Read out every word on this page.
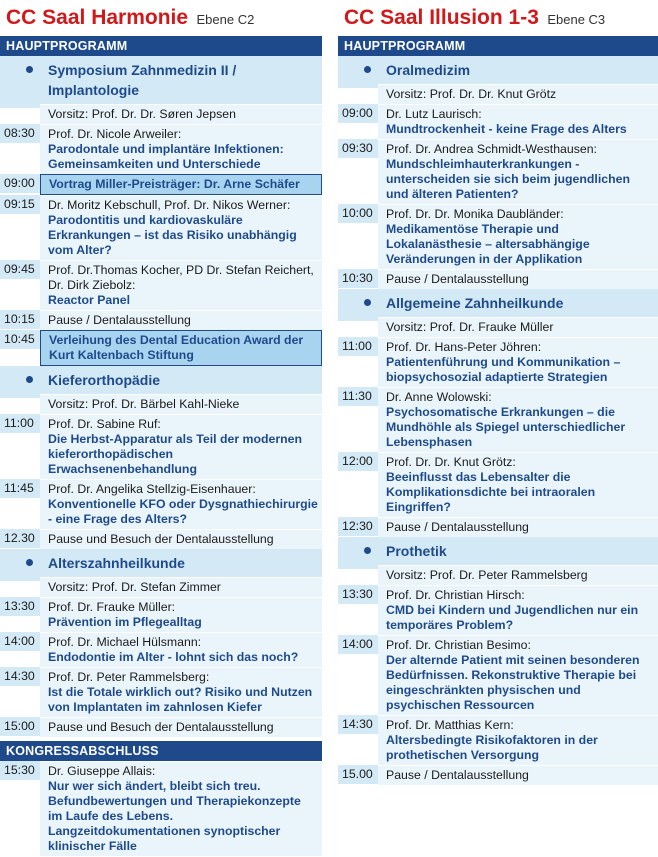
CC Saal Harmonie Ebene C2
HAUPTPROGRAMM
Symposium Zahnmedizin II / Implantologie
Vorsitz: Prof. Dr. Dr. Søren Jepsen
08:30	Prof. Dr. Nicole Arweiler:
Parodontale und implantäre Infektionen: Gemeinsamkeiten und Unterschiede
09:00	Vortrag Miller-Preisträger: Dr. Arne Schäfer
09:15	Dr. Moritz Kebschull, Prof. Dr. Nikos Werner:
Parodontitis und kardiovaskuläre Erkrankungen – ist das Risiko unabhängig vom Alter?
09:45	Prof. Dr.Thomas Kocher, PD Dr. Stefan Reichert, Dr. Dirk Ziebolz:
Reactor Panel
10:15	Pause / Dentalausstellung
10:45	Verleihung des Dental Education Award der Kurt Kaltenbach Stiftung
Kieferorthopädie
Vorsitz: Prof. Dr. Bärbel Kahl-Nieke
11:00	Prof. Dr. Sabine Ruf:
Die Herbst-Apparatur als Teil der modernen kieferorthopädischen Erwachsenenbehandlung
11:45	Prof. Dr. Angelika Stellzig-Eisenhauer:
Konventionelle KFO oder Dysgnathiechirurgie - eine Frage des Alters?
12.30	Pause und Besuch der Dentalausstellung
Alterszahnheilkunde
Vorsitz: Prof. Dr. Stefan Zimmer
13:30	Prof. Dr. Frauke Müller:
Prävention im Pflegealltag
14:00	Prof. Dr. Michael Hülsmann:
Endodontie im Alter - lohnt sich das noch?
14:30	Prof. Dr. Peter Rammelsberg:
Ist die Totale wirklich out? Risiko und Nutzen von Implantaten im zahnlosen Kiefer
15:00	Pause und Besuch der Dentalausstellung
KONGRESSABSCHLUSS
15:30	Dr. Giuseppe Allais:
Nur wer sich ändert, bleibt sich treu. Befundbewertungen und Therapiekonzepte im Laufe des Lebens. Langzeitdokumentationen synoptischer klinischer Fälle
CC Saal Illusion 1-3 Ebene C3
HAUPTPROGRAMM
Oralmedizim
Vorsitz: Prof. Dr. Dr. Knut Grötz
09:00	Dr. Lutz Laurisch:
Mundtrockenheit - keine Frage des Alters
09:30	Prof. Dr. Andrea Schmidt-Westhausen:
Mundschleimhauterkrankungen - unterscheiden sie sich beim jugendlichen und älteren Patienten?
10:00	Prof. Dr. Dr. Monika Daubländer:
Medikamentöse Therapie und Lokalanästhesie – altersabhängige Veränderungen in der Applikation
10:30	Pause / Dentalausstellung
Allgemeine Zahnheilkunde
Vorsitz: Prof. Dr. Frauke Müller
11:00	Prof. Dr. Hans-Peter Jöhren:
Patientenführung und Kommunikation – biopsychosozial adaptierte Strategien
11:30	Dr. Anne Wolowski:
Psychosomatische Erkrankungen – die Mundhöhle als Spiegel unterschiedlicher Lebensphasen
12:00	Prof. Dr. Dr. Knut Grötz:
Beeinflusst das Lebensalter die Komplikationsdichte bei intraoralen Eingriffen?
12:30	Pause / Dentalausstellung
Prothetik
Vorsitz: Prof. Dr. Peter Rammelsberg
13:30	Prof. Dr. Christian Hirsch:
CMD bei Kindern und Jugendlichen nur ein temporäres Problem?
14:00	Prof. Dr. Christian Besimo:
Der alternde Patient mit seinen besonderen Bedürfnissen. Rekonstruktive Therapie bei eingeschränkten physischen und psychischen Ressourcen
14:30	Prof. Dr. Matthias Kern:
Altersbedingte Risikofaktoren in der prothetischen Versorgung
15.00	Pause / Dentalausstellung
